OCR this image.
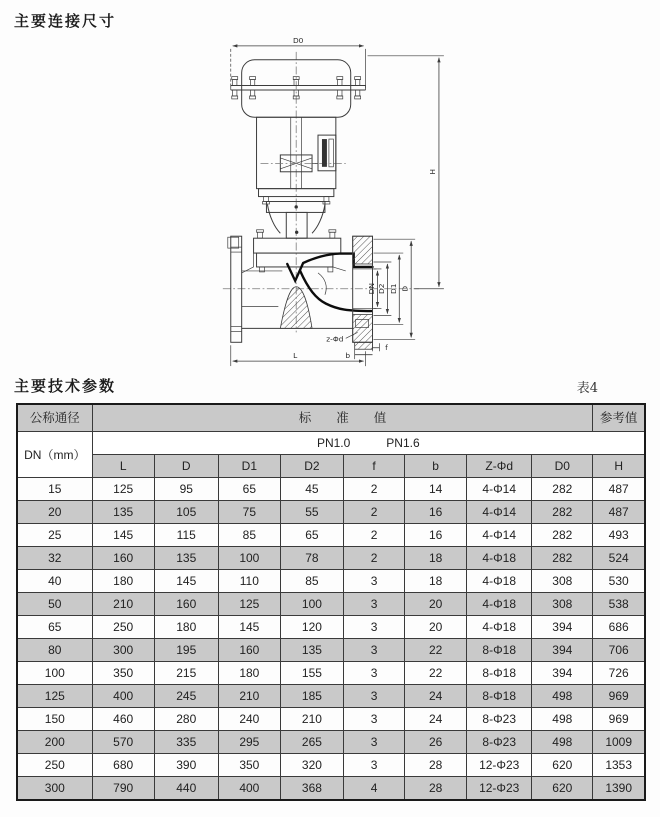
主要连接尺寸
D0
DN D2 D1 D
H
z-Φd
f
b
L
主要技术参数	表4
公称通径	标　　准　　值								参考值
DN（mm）	PN1.0 PN1.6								

	L	D	D1	D2	f	b	Z-Φd	D0	H
15	125	95	65	45	2	14	4-Φ14	282	487
20	135	105	75	55	2	16	4-Φ14	282	487
25	145	115	85	65	2	16	4-Φ14	282	493
32	160	135	100	78	2	18	4-Φ18	282	524
40	180	145	110	85	3	18	4-Φ18	308	530
50	210	160	125	100	3	20	4-Φ18	308	538
65	250	180	145	120	3	20	4-Φ18	394	686
80	300	195	160	135	3	22	8-Φ18	394	706
100	350	215	180	155	3	22	8-Φ18	394	726
125	400	245	210	185	3	24	8-Φ18	498	969
150	460	280	240	210	3	24	8-Φ23	498	969
200	570	335	295	265	3	26	8-Φ23	498	1009
250	680	390	350	320	3	28	12-Φ23	620	1353
300	790	440	400	368	4	28	12-Φ23	620	1390
